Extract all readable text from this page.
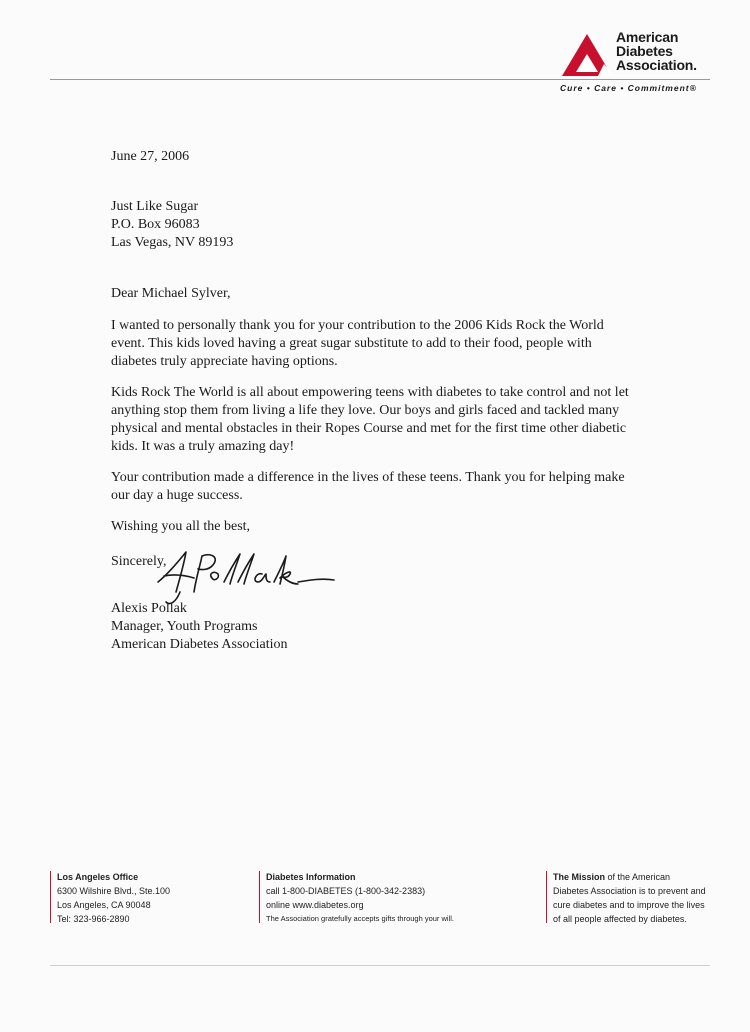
American
Diabetes
Association.
Cure • Care • Commitment®

June 27, 2006

Just Like Sugar
P.O. Box 96083
Las Vegas, NV 89193

Dear Michael Sylver,

I wanted to personally thank you for your contribution to the 2006 Kids Rock the World event. This kids loved having a great sugar substitute to add to their food, people with diabetes truly appreciate having options.

Kids Rock The World is all about empowering teens with diabetes to take control and not let anything stop them from living a life they love. Our boys and girls faced and tackled many physical and mental obstacles in their Ropes Course and met for the first time other diabetic kids. It was a truly amazing day!

Your contribution made a difference in the lives of these teens. Thank you for helping make our day a huge success.

Wishing you all the best,

Sincerely,

Alexis Pollak
Manager, Youth Programs
American Diabetes Association
Los Angeles Office
6300 Wilshire Blvd., Ste.100
Los Angeles, CA 90048
Tel: 323-966-2890
Diabetes Information
call 1-800-DIABETES (1-800-342-2383)
online www.diabetes.org
The Association gratefully accepts gifts through your will.
The Mission of the American
Diabetes Association is to prevent and
cure diabetes and to improve the lives
of all people affected by diabetes.
